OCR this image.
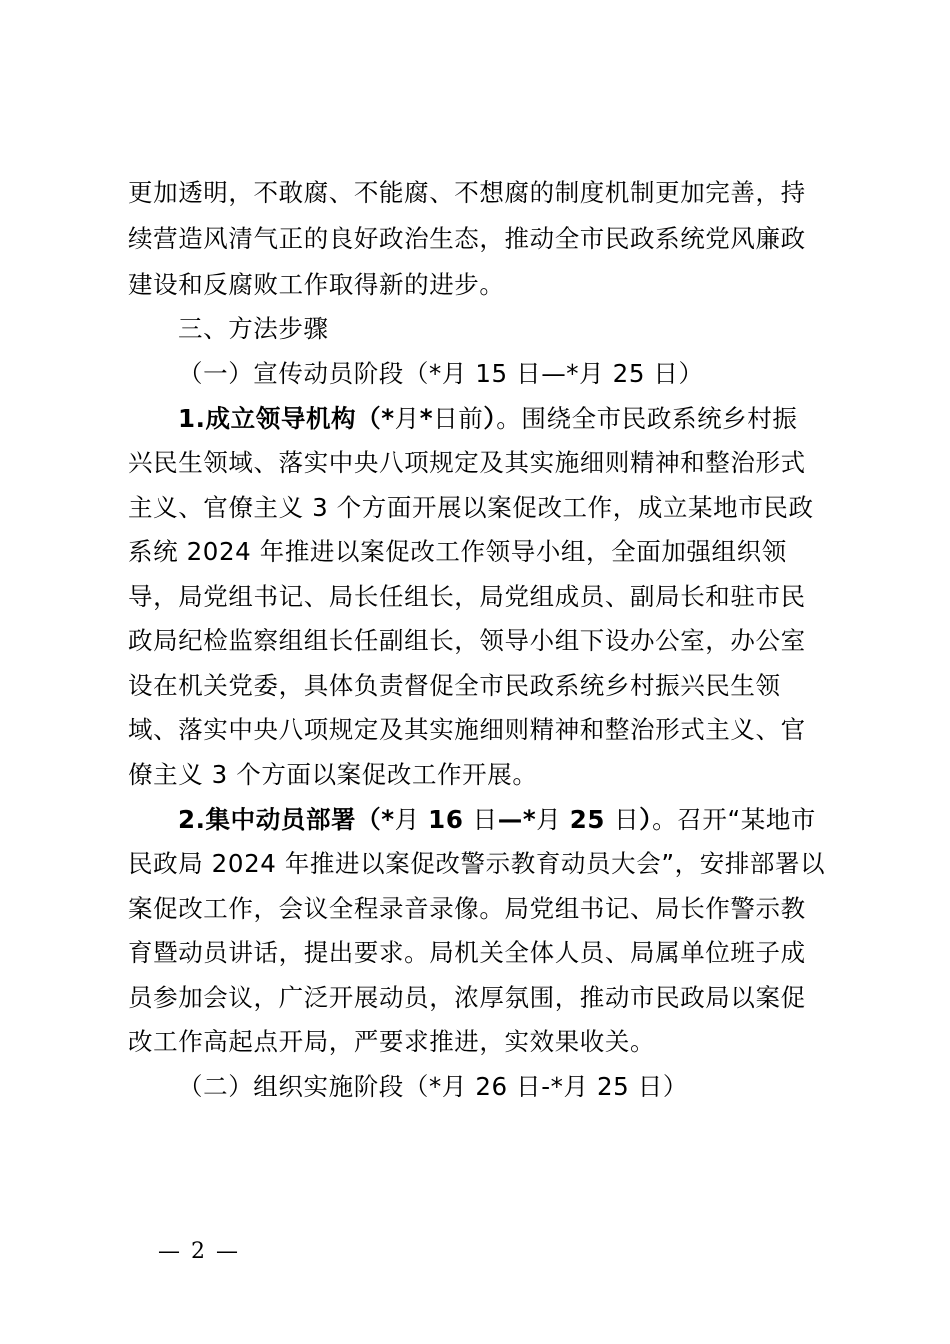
更加透明，不敢腐、不能腐、不想腐的制度机制更加完善，持
续营造风清气正的良好政治生态，推动全市民政系统党风廉政
建设和反腐败工作取得新的进步。
三、方法步骤
（一）宣传动员阶段（*月 15 日—*月 25 日）
1.成立领导机构（*月*日前）。围绕全市民政系统乡村振
兴民生领域、落实中央八项规定及其实施细则精神和整治形式
主义、官僚主义 3 个方面开展以案促改工作，成立某地市民政
系统 2024 年推进以案促改工作领导小组，全面加强组织领
导，局党组书记、局长任组长，局党组成员、副局长和驻市民
政局纪检监察组组长任副组长，领导小组下设办公室，办公室
设在机关党委，具体负责督促全市民政系统乡村振兴民生领
域、落实中央八项规定及其实施细则精神和整治形式主义、官
僚主义 3 个方面以案促改工作开展。
2.集中动员部署（*月 16 日—*月 25 日）。召开“某地市
民政局 2024 年推进以案促改警示教育动员大会”，安排部署以
案促改工作，会议全程录音录像。局党组书记、局长作警示教
育暨动员讲话，提出要求。局机关全体人员、局属单位班子成
员参加会议，广泛开展动员，浓厚氛围，推动市民政局以案促
改工作高起点开局，严要求推进，实效果收关。
（二）组织实施阶段（*月 26 日-*月 25 日）
— 2 —
